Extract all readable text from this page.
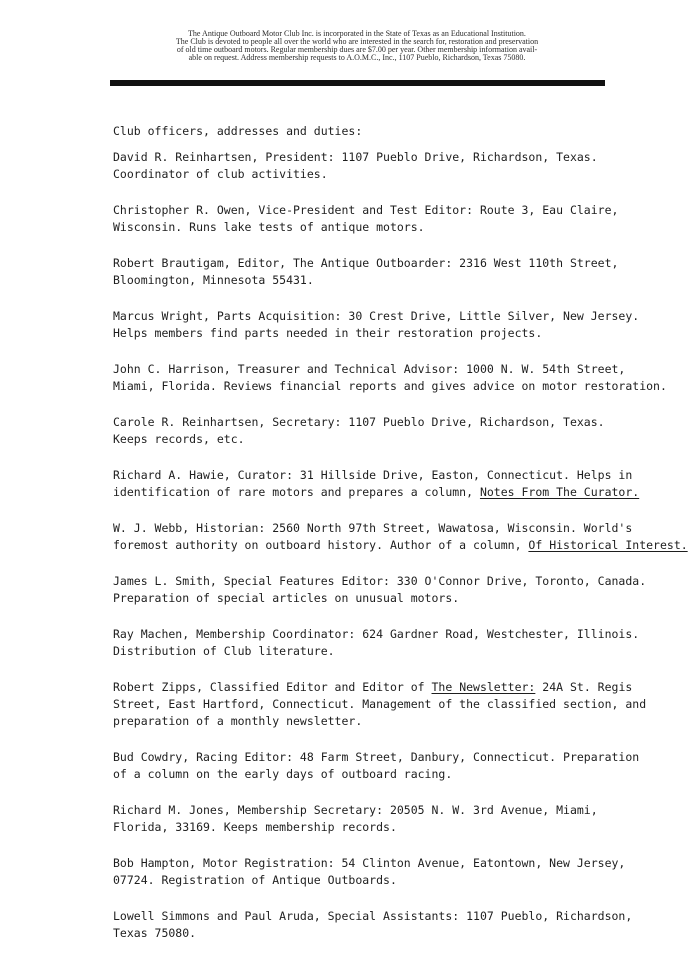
The Antique Outboard Motor Club Inc. is incorporated in the State of Texas as an Educational Institution.
The Club is devoted to people all over the world who are interested in the search for, restoration and preservation
of old time outboard motors. Regular membership dues are $7.00 per year. Other membership information avail-
able on request. Address membership requests to A.O.M.C., Inc., 1107 Pueblo, Richardson, Texas 75080.

Club officers, addresses and duties:
David R. Reinhartsen, President: 1107 Pueblo Drive, Richardson, Texas.
Coordinator of club activities.
Christopher R. Owen, Vice-President and Test Editor: Route 3, Eau Claire,
Wisconsin. Runs lake tests of antique motors.
Robert Brautigam, Editor, The Antique Outboarder: 2316 West 110th Street,
Bloomington, Minnesota 55431.
Marcus Wright, Parts Acquisition: 30 Crest Drive, Little Silver, New Jersey.
Helps members find parts needed in their restoration projects.
John C. Harrison, Treasurer and Technical Advisor: 1000 N. W. 54th Street,
Miami, Florida. Reviews financial reports and gives advice on motor restoration.
Carole R. Reinhartsen, Secretary: 1107 Pueblo Drive, Richardson, Texas.
Keeps records, etc.
Richard A. Hawie, Curator: 31 Hillside Drive, Easton, Connecticut. Helps in
identification of rare motors and prepares a column, Notes From The Curator.
W. J. Webb, Historian: 2560 North 97th Street, Wawatosa, Wisconsin. World's
foremost authority on outboard history. Author of a column, Of Historical Interest.
James L. Smith, Special Features Editor: 330 O'Connor Drive, Toronto, Canada.
Preparation of special articles on unusual motors.
Ray Machen, Membership Coordinator: 624 Gardner Road, Westchester, Illinois.
Distribution of Club literature.
Robert Zipps, Classified Editor and Editor of The Newsletter: 24A St. Regis
Street, East Hartford, Connecticut. Management of the classified section, and
preparation of a monthly newsletter.
Bud Cowdry, Racing Editor: 48 Farm Street, Danbury, Connecticut. Preparation
of a column on the early days of outboard racing.
Richard M. Jones, Membership Secretary: 20505 N. W. 3rd Avenue, Miami,
Florida, 33169. Keeps membership records.
Bob Hampton, Motor Registration: 54 Clinton Avenue, Eatontown, New Jersey,
07724. Registration of Antique Outboards.
Lowell Simmons and Paul Aruda, Special Assistants: 1107 Pueblo, Richardson,
Texas 75080.
